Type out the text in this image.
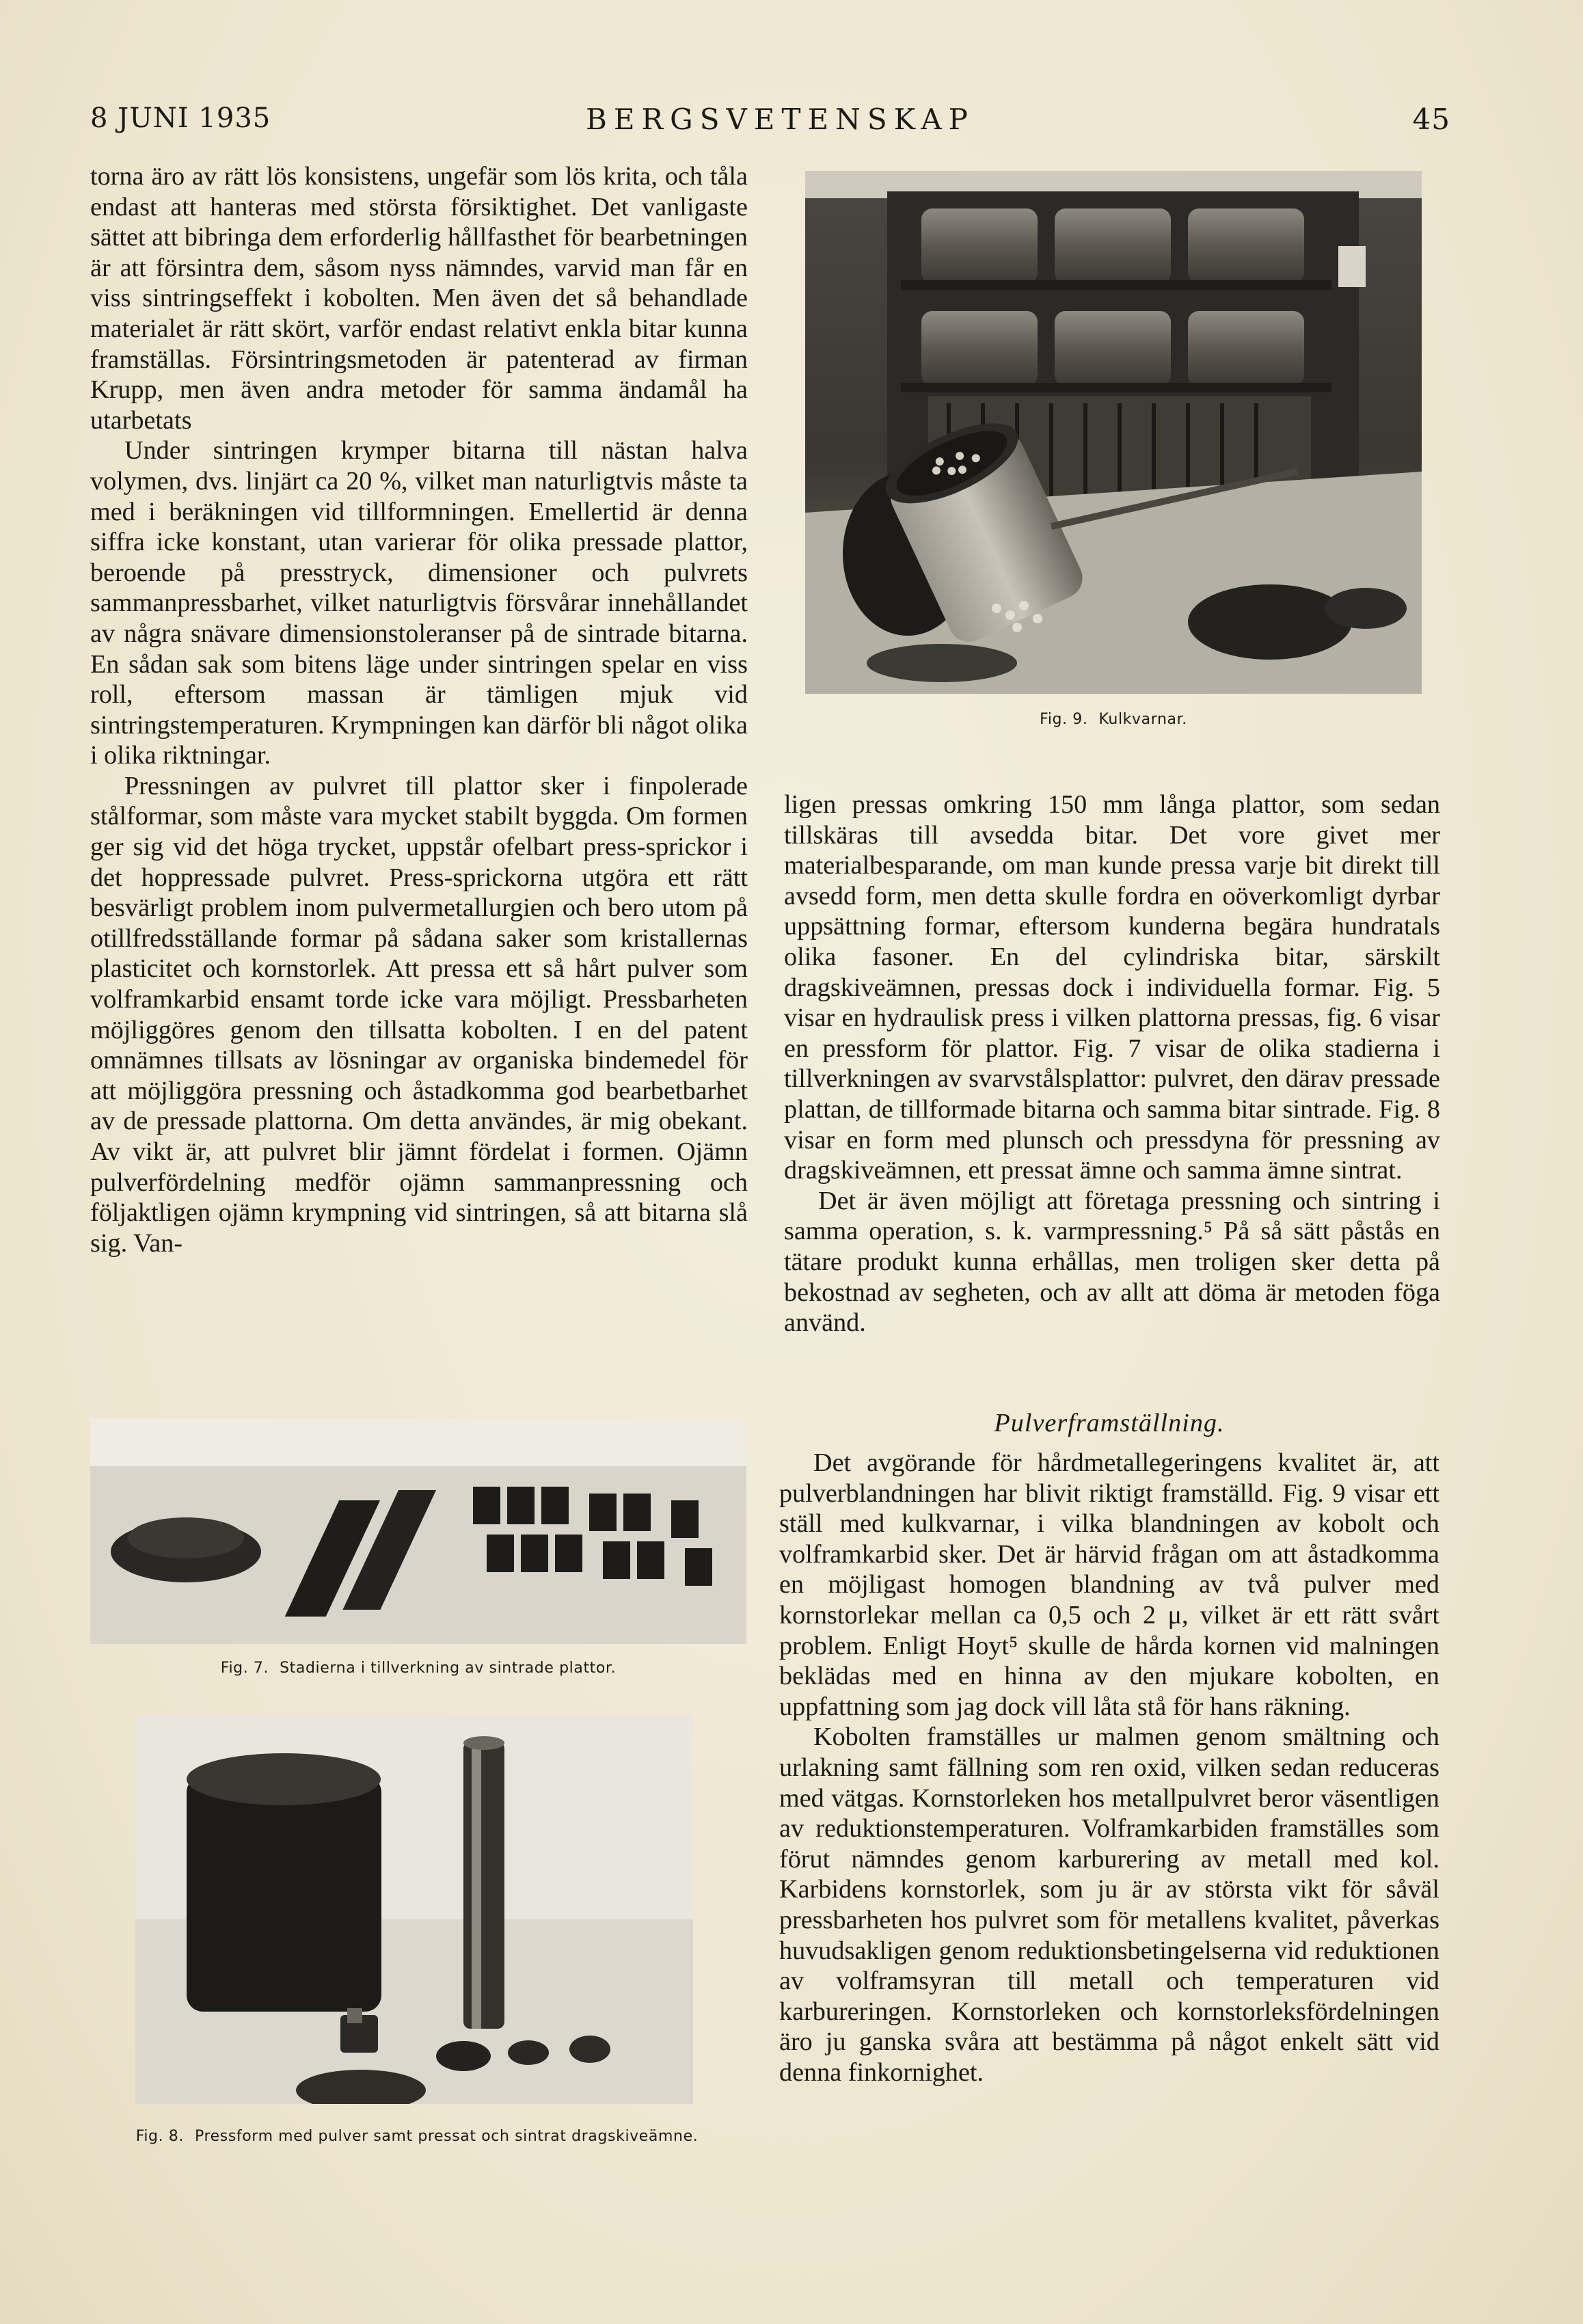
8 JUNI 1935	BERGSVETENSKAP	45

torna äro av rätt lös konsistens, ungefär som lös krita, och tåla endast att hanteras med största försiktighet. Det vanligaste sättet att bibringa dem erforderlig hållfasthet för bearbetningen är att försintra dem, såsom nyss nämndes, varvid man får en viss sintringseffekt i kobolten. Men även det så behandlade materialet är rätt skört, varför endast relativt enkla bitar kunna framställas. Försintringsmetoden är patenterad av firman Krupp, men även andra metoder för samma ändamål ha utarbetats

Under sintringen krymper bitarna till nästan halva volymen, dvs. linjärt ca 20 %, vilket man naturligtvis måste ta med i beräkningen vid tillformningen. Emellertid är denna siffra icke konstant, utan varierar för olika pressade plattor, beroende på presstryck, dimensioner och pulvrets sammanpressbarhet, vilket naturligtvis försvårar innehållandet av några snävare dimensionstoleranser på de sintrade bitarna. En sådan sak som bitens läge under sintringen spelar en viss roll, eftersom massan är tämligen mjuk vid sintringstemperaturen. Krympningen kan därför bli något olika i olika riktningar.

Pressningen av pulvret till plattor sker i finpolerade stålformar, som måste vara mycket stabilt byggda. Om formen ger sig vid det höga trycket, uppstår ofelbart press-sprickor i det hoppressade pulvret. Press-sprickorna utgöra ett rätt besvärligt problem inom pulvermetallurgien och bero utom på otillfredsställande formar på sådana saker som kristallernas plasticitet och kornstorlek. Att pressa ett så hårt pulver som volframkarbid ensamt torde icke vara möjligt. Pressbarheten möjliggöres genom den tillsatta kobolten. I en del patent omnämnes tillsats av lösningar av organiska bindemedel för att möjliggöra pressning och åstadkomma god bearbetbarhet av de pressade plattorna. Om detta användes, är mig obekant. Av vikt är, att pulvret blir jämnt fördelat i formen. Ojämn pulverfördelning medför ojämn sammanpressning och följaktligen ojämn krympning vid sintringen, så att bitarna slå sig. Van-

Fig. 9. Kulkvarnar.

ligen pressas omkring 150 mm långa plattor, som sedan tillskäras till avsedda bitar. Det vore givet mer materialbesparande, om man kunde pressa varje bit direkt till avsedd form, men detta skulle fordra en oöverkomligt dyrbar uppsättning formar, eftersom kunderna begära hundratals olika fasoner. En del cylindriska bitar, särskilt dragskiveämnen, pressas dock i individuella formar. Fig. 5 visar en hydraulisk press i vilken plattorna pressas, fig. 6 visar en pressform för plattor. Fig. 7 visar de olika stadierna i tillverkningen av svarvstålsplattor: pulvret, den därav pressade plattan, de tillformade bitarna och samma bitar sintrade. Fig. 8 visar en form med plunsch och pressdyna för pressning av dragskiveämnen, ett pressat ämne och samma ämne sintrat.

Det är även möjligt att företaga pressning och sintring i samma operation, s. k. varmpressning.⁵ På så sätt påstås en tätare produkt kunna erhållas, men troligen sker detta på bekostnad av segheten, och av allt att döma är metoden föga använd.

Pulverframställning.

Det avgörande för hårdmetallegeringens kvalitet är, att pulverblandningen har blivit riktigt framställd. Fig. 9 visar ett ställ med kulkvarnar, i vilka blandningen av kobolt och volframkarbid sker. Det är härvid frågan om att åstadkomma en möjligast homogen blandning av två pulver med kornstorlekar mellan ca 0,5 och 2 μ, vilket är ett rätt svårt problem. Enligt Hoyt⁵ skulle de hårda kornen vid malningen beklädas med en hinna av den mjukare kobolten, en uppfattning som jag dock vill låta stå för hans räkning.

Kobolten framställes ur malmen genom smältning och urlakning samt fällning som ren oxid, vilken sedan reduceras med vätgas. Kornstorleken hos metallpulvret beror väsentligen av reduktionstemperaturen. Volframkarbiden framställes som förut nämndes genom karburering av metall med kol. Karbidens kornstorlek, som ju är av största vikt för såväl pressbarheten hos pulvret som för metallens kvalitet, påverkas huvudsakligen genom reduktionsbetingelserna vid reduktionen av volframsyran till metall och temperaturen vid karbureringen. Kornstorleken och kornstorleksfördelningen äro ju ganska svåra att bestämma på något enkelt sätt vid denna finkornighet.

Fig. 7. Stadierna i tillverkning av sintrade plattor.
Fig. 8. Pressform med pulver samt pressat och sintrat dragskiveämne.
